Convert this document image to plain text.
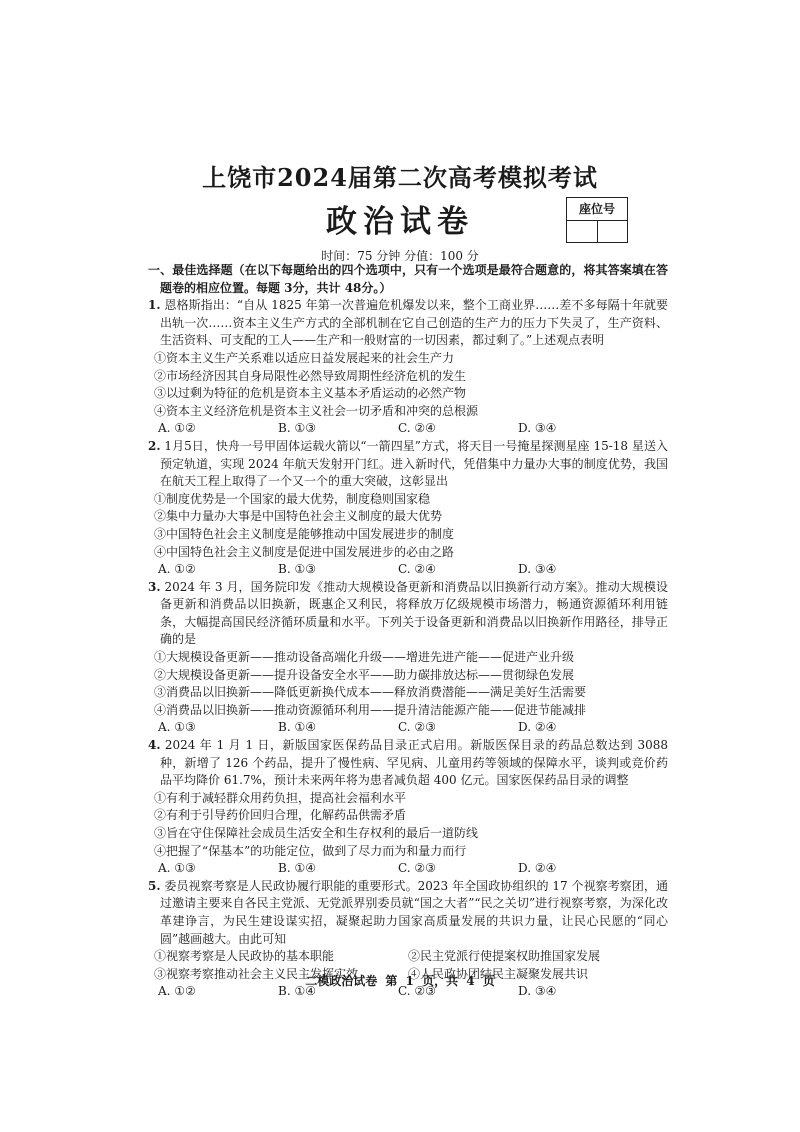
上饶市2024届第二次高考模拟考试
政治试卷	座位号
时间：75 分钟 分值：100 分

一、最佳选择题（在以下每题给出的四个选项中，只有一个选项是最符合题意的，将其答案填在答题卷的相应位置。每题 3分，共计 48分。）

1. 恩格斯指出：“自从 1825 年第一次普遍危机爆发以来，整个工商业界……差不多每隔十年就要出轨一次……资本主义生产方式的全部机制在它自己创造的生产力的压力下失灵了，生产资料、生活资料、可支配的工人——生产和一般财富的一切因素，都过剩了。”上述观点表明

①资本主义生产关系难以适应日益发展起来的社会生产力

②市场经济因其自身局限性必然导致周期性经济危机的发生

③以过剩为特征的危机是资本主义基本矛盾运动的必然产物

④资本主义经济危机是资本主义社会一切矛盾和冲突的总根源

A. ①②	B. ①③	C. ②④	D. ③④

2. 1月5日，快舟一号甲固体运载火箭以“一箭四星”方式，将天目一号掩星探测星座 15-18 星送入预定轨道，实现 2024 年航天发射开门红。进入新时代，凭借集中力量办大事的制度优势，我国在航天工程上取得了一个又一个的重大突破，这彰显出

①制度优势是一个国家的最大优势，制度稳则国家稳

②集中力量办大事是中国特色社会主义制度的最大优势

③中国特色社会主义制度是能够推动中国发展进步的制度

④中国特色社会主义制度是促进中国发展进步的必由之路

A. ①②	B. ①③	C. ②④	D. ③④

3. 2024 年 3 月，国务院印发《推动大规模设备更新和消费品以旧换新行动方案》。推动大规模设备更新和消费品以旧换新，既惠企又利民，将释放万亿级规模市场潜力，畅通资源循环利用链条，大幅提高国民经济循环质量和水平。下列关于设备更新和消费品以旧换新作用路径，排导正确的是

①大规模设备更新——推动设备高端化升级——增进先进产能——促进产业升级

②大规模设备更新——提升设备安全水平——助力碳排放达标——贯彻绿色发展

③消费品以旧换新——降低更新换代成本——释放消费潜能——满足美好生活需要

④消费品以旧换新——推动资源循环利用——提升清洁能源产能——促进节能减排

A. ①③	B. ①④	C. ②③	D. ②④

4. 2024 年 1 月 1 日，新版国家医保药品目录正式启用。新版医保目录的药品总数达到 3088 种，新增了 126 个药品，提升了慢性病、罕见病、儿童用药等领域的保障水平，谈判或竞价药品平均降价 61.7%，预计未来两年将为患者减负超 400 亿元。国家医保药品目录的调整

①有利于减轻群众用药负担，提高社会福利水平

②有利于引导药价回归合理，化解药品供需矛盾

③旨在守住保障社会成员生活安全和生存权利的最后一道防线

④把握了“保基本”的功能定位，做到了尽力而为和量力而行

A. ①③	B. ①④	C. ②③	D. ②④

5. 委员视察考察是人民政协履行职能的重要形式。2023 年全国政协组织的 17 个视察考察团，通过邀请主要来自各民主党派、无党派界别委员就“国之大者”“民之关切”进行视察考察，为深化改革建诤言，为民生建设谋实招，凝聚起助力国家高质量发展的共识力量，让民心民愿的“同心圆”越画越大。由此可知

①视察考察是人民政协的基本职能	②民主党派行使提案权助推国家发展
③视察考察推动社会主义民主发挥实效	④人民政协团结民主凝聚发展共识
A. ①②	B. ①④	C. ②③	D. ③④
二模政治试卷 第 1 页，共 4 页
